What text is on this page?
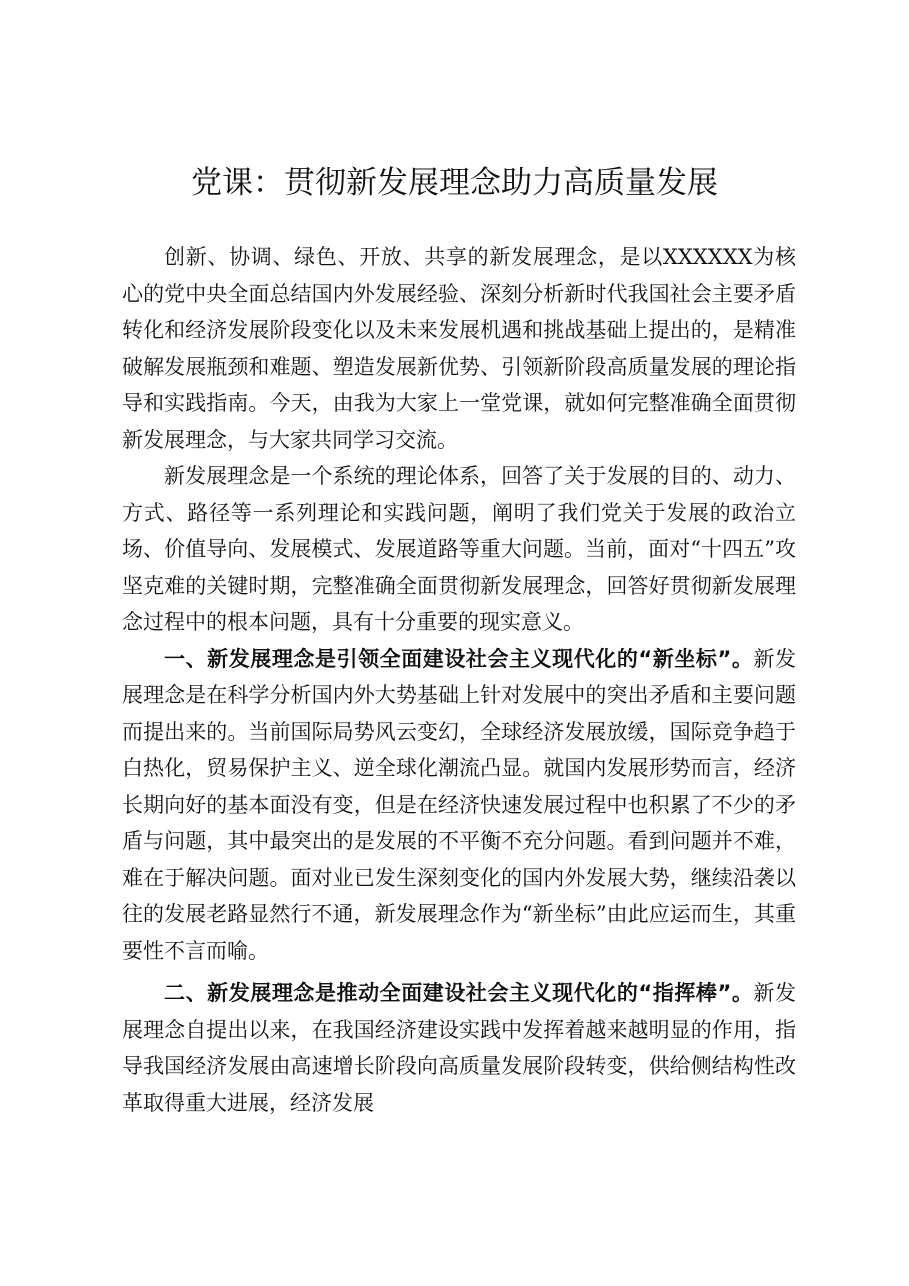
党课：贯彻新发展理念助力高质量发展

创新、协调、绿色、开放、共享的新发展理念，是以XXXXXX为核心的党中央全面总结国内外发展经验、深刻分析新时代我国社会主要矛盾转化和经济发展阶段变化以及未来发展机遇和挑战基础上提出的，是精准破解发展瓶颈和难题、塑造发展新优势、引领新阶段高质量发展的理论指导和实践指南。今天，由我为大家上一堂党课，就如何完整准确全面贯彻新发展理念，与大家共同学习交流。

新发展理念是一个系统的理论体系，回答了关于发展的目的、动力、方式、路径等一系列理论和实践问题，阐明了我们党关于发展的政治立场、价值导向、发展模式、发展道路等重大问题。当前，面对“十四五”攻坚克难的关键时期，完整准确全面贯彻新发展理念，回答好贯彻新发展理念过程中的根本问题，具有十分重要的现实意义。

一、新发展理念是引领全面建设社会主义现代化的“新坐标”。新发展理念是在科学分析国内外大势基础上针对发展中的突出矛盾和主要问题而提出来的。当前国际局势风云变幻，全球经济发展放缓，国际竞争趋于白热化，贸易保护主义、逆全球化潮流凸显。就国内发展形势而言，经济长期向好的基本面没有变，但是在经济快速发展过程中也积累了不少的矛盾与问题，其中最突出的是发展的不平衡不充分问题。看到问题并不难，难在于解决问题。面对业已发生深刻变化的国内外发展大势，继续沿袭以往的发展老路显然行不通，新发展理念作为“新坐标”由此应运而生，其重要性不言而喻。

二、新发展理念是推动全面建设社会主义现代化的“指挥棒”。新发展理念自提出以来，在我国经济建设实践中发挥着越来越明显的作用，指导我国经济发展由高速增长阶段向高质量发展阶段转变，供给侧结构性改革取得重大进展，经济发展
